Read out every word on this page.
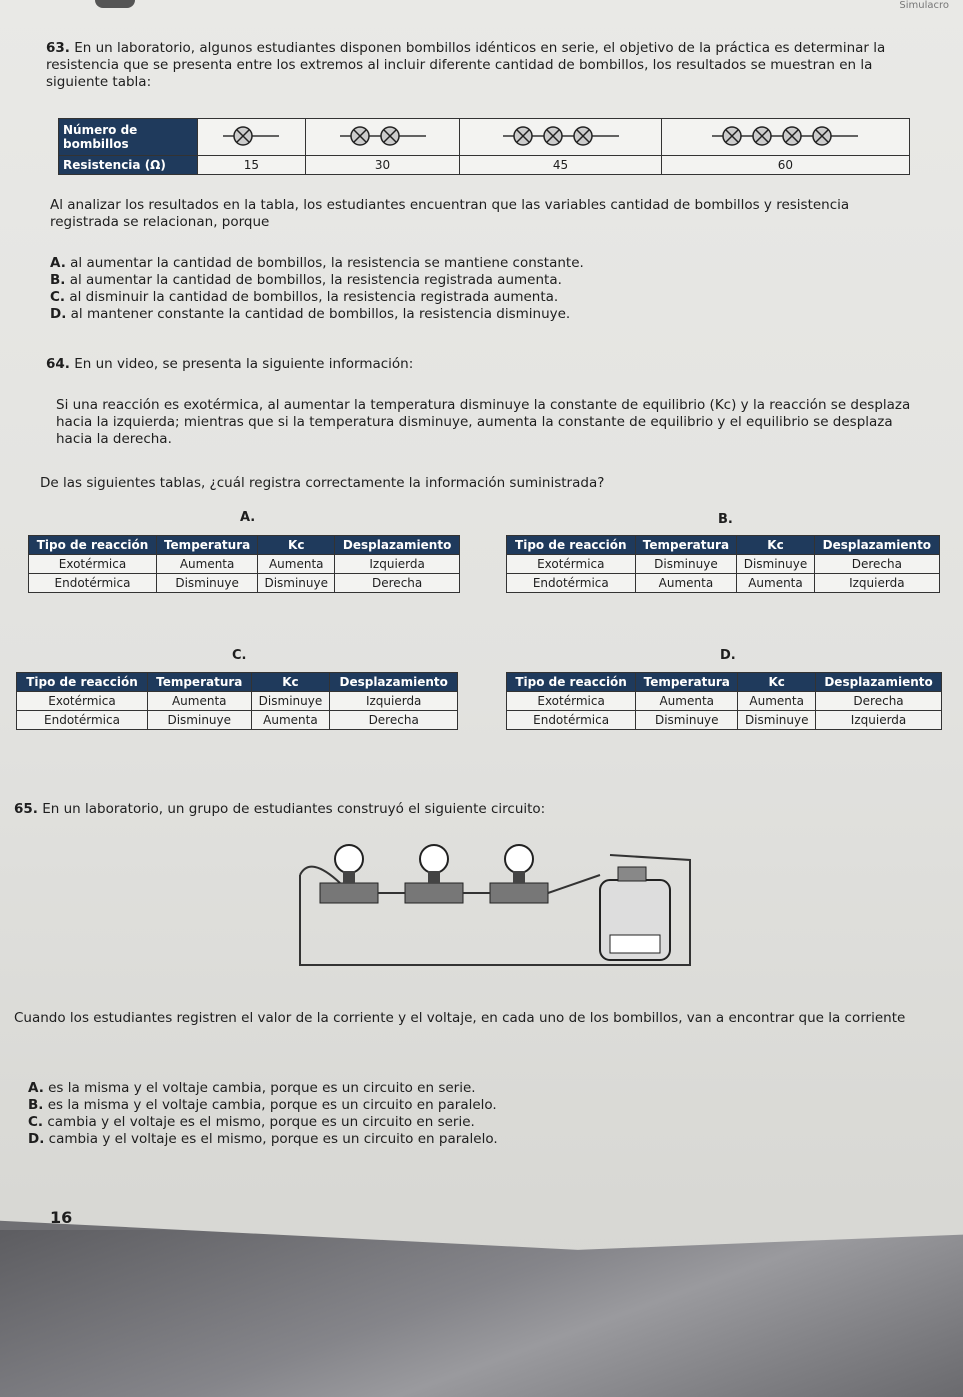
Simulacro

63. En un laboratorio, algunos estudiantes disponen bombillos idénticos en serie, el objetivo de la práctica es determinar la resistencia que se presenta entre los extremos al incluir diferente cantidad de bombillos, los resultados se muestran en la siguiente tabla:

Número de bombillos				
Resistencia (Ω)	15	30	45	60

Al analizar los resultados en la tabla, los estudiantes encuentran que las variables cantidad de bombillos y resistencia registrada se relacionan, porque

A. al aumentar la cantidad de bombillos, la resistencia se mantiene constante.

B. al aumentar la cantidad de bombillos, la resistencia registrada aumenta.

C. al disminuir la cantidad de bombillos, la resistencia registrada aumenta.

D. al mantener constante la cantidad de bombillos, la resistencia disminuye.

64. En un video, se presenta la siguiente información:

Si una reacción es exotérmica, al aumentar la temperatura disminuye la constante de equilibrio (Kc) y la reacción se desplaza hacia la izquierda; mientras que si la temperatura disminuye, aumenta la constante de equilibrio y el equilibrio se desplaza hacia la derecha.

De las siguientes tablas, ¿cuál registra correctamente la información suministrada?

A.	B.
C.	D.
Tipo de reacción	Temperatura	Kc	Desplazamiento
Exotérmica	Aumenta	Aumenta	Izquierda
Endotérmica	Disminuye	Disminuye	Derecha
Tipo de reacción	Temperatura	Kc	Desplazamiento
Exotérmica	Disminuye	Disminuye	Derecha
Endotérmica	Aumenta	Aumenta	Izquierda
Tipo de reacción	Temperatura	Kc	Desplazamiento
Exotérmica	Aumenta	Disminuye	Izquierda
Endotérmica	Disminuye	Aumenta	Derecha
Tipo de reacción	Temperatura	Kc	Desplazamiento
Exotérmica	Aumenta	Aumenta	Derecha
Endotérmica	Disminuye	Disminuye	Izquierda

65. En un laboratorio, un grupo de estudiantes construyó el siguiente circuito:

Cuando los estudiantes registren el valor de la corriente y el voltaje, en cada uno de los bombillos, van a encontrar que la corriente

A. es la misma y el voltaje cambia, porque es un circuito en serie.

B. es la misma y el voltaje cambia, porque es un circuito en paralelo.

C. cambia y el voltaje es el mismo, porque es un circuito en serie.

D. cambia y el voltaje es el mismo, porque es un circuito en paralelo.

16
